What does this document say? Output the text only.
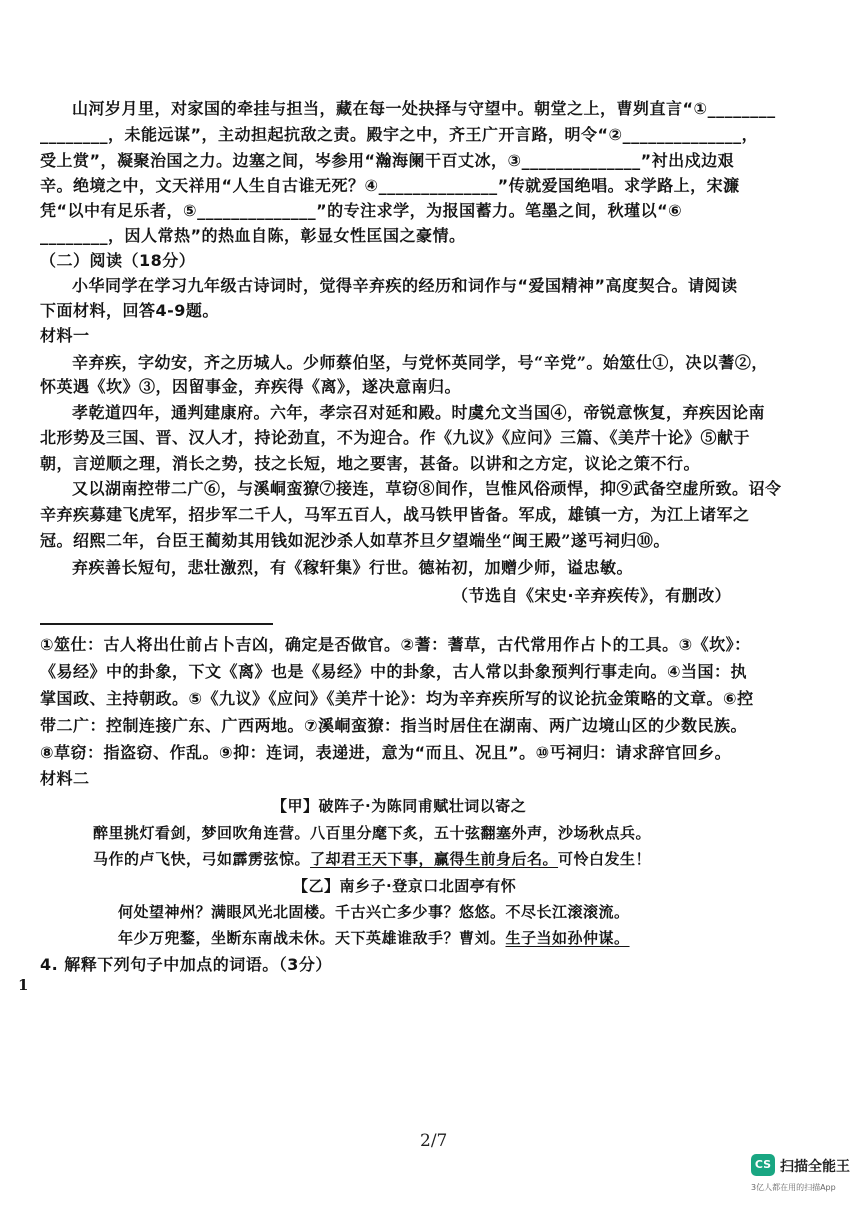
山河岁月里，对家国的牵挂与担当，藏在每一处抉择与守望中。朝堂之上，曹刿直言“①________
________，未能远谋”，主动担起抗敌之责。殿宇之中，齐王广开言路，明令“②______________，
受上赏”，凝聚治国之力。边塞之间，岑参用“瀚海阑干百丈冰，③______________”衬出戍边艰
辛。绝境之中，文天祥用“人生自古谁无死？④______________”传就爱国绝唱。求学路上，宋濂
凭“以中有足乐者，⑤______________”的专注求学，为报国蓄力。笔墨之间，秋瑾以“⑥
________，因人常热”的热血自陈，彰显女性匡国之豪情。
（二）阅读（18分）
小华同学在学习九年级古诗词时，觉得辛弃疾的经历和词作与“爱国精神”高度契合。请阅读
下面材料，回答4-9题。
材料一
辛弃疾，字幼安，齐之历城人。少师蔡伯坚，与党怀英同学，号“辛党”。始筮仕①，决以蓍②，
怀英遇《坎》③，因留事金，弃疾得《离》，遂决意南归。
孝乾道四年，通判建康府。六年，孝宗召对延和殿。时虞允文当国④，帝锐意恢复，弃疾因论南
北形势及三国、晋、汉人才，持论劲直，不为迎合。作《九议》《应问》三篇、《美芹十论》⑤献于
朝，言逆顺之理，消长之势，技之长短，地之要害，甚备。以讲和之方定，议论之策不行。
又以湖南控带二广⑥，与溪峒蛮獠⑦接连，草窃⑧间作，岂惟风俗顽悍，抑⑨武备空虚所致。诏令
辛弃疾募建飞虎军，招步军二千人，马军五百人，战马铁甲皆备。军成，雄镇一方，为江上诸军之
冠。绍熙二年，台臣王蔺劾其用钱如泥沙杀人如草芥旦夕望端坐“闽王殿”遂丐祠归⑩。
弃疾善长短句，悲壮激烈，有《稼轩集》行世。德祐初，加赠少师，谥忠敏。
（节选自《宋史·辛弃疾传》，有删改）
①筮仕：古人将出仕前占卜吉凶，确定是否做官。②蓍：蓍草，古代常用作占卜的工具。③《坎》：
《易经》中的卦象，下文《离》也是《易经》中的卦象，古人常以卦象预判行事走向。④当国：执
掌国政、主持朝政。⑤《九议》《应问》《美芹十论》：均为辛弃疾所写的议论抗金策略的文章。⑥控
带二广：控制连接广东、广西两地。⑦溪峒蛮獠：指当时居住在湖南、两广边境山区的少数民族。
⑧草窃：指盗窃、作乱。⑨抑：连词，表递进，意为“而且、况且”。⑩丐祠归：请求辞官回乡。
材料二
【甲】破阵子·为陈同甫赋壮词以寄之
醉里挑灯看剑，梦回吹角连营。八百里分麾下炙，五十弦翻塞外声，沙场秋点兵。
马作的卢飞快，弓如霹雳弦惊。了却君王天下事，赢得生前身后名。可怜白发生！
【乙】南乡子·登京口北固亭有怀
何处望神州？满眼风光北固楼。千古兴亡多少事？悠悠。不尽长江滚滚流。
年少万兜鍪，坐断东南战未休。天下英雄谁敌手？曹刘。生子当如孙仲谋。
4. 解释下列句子中加点的词语。（3分）
1
2/7
CS 扫描全能王
3亿人都在用的扫描App
